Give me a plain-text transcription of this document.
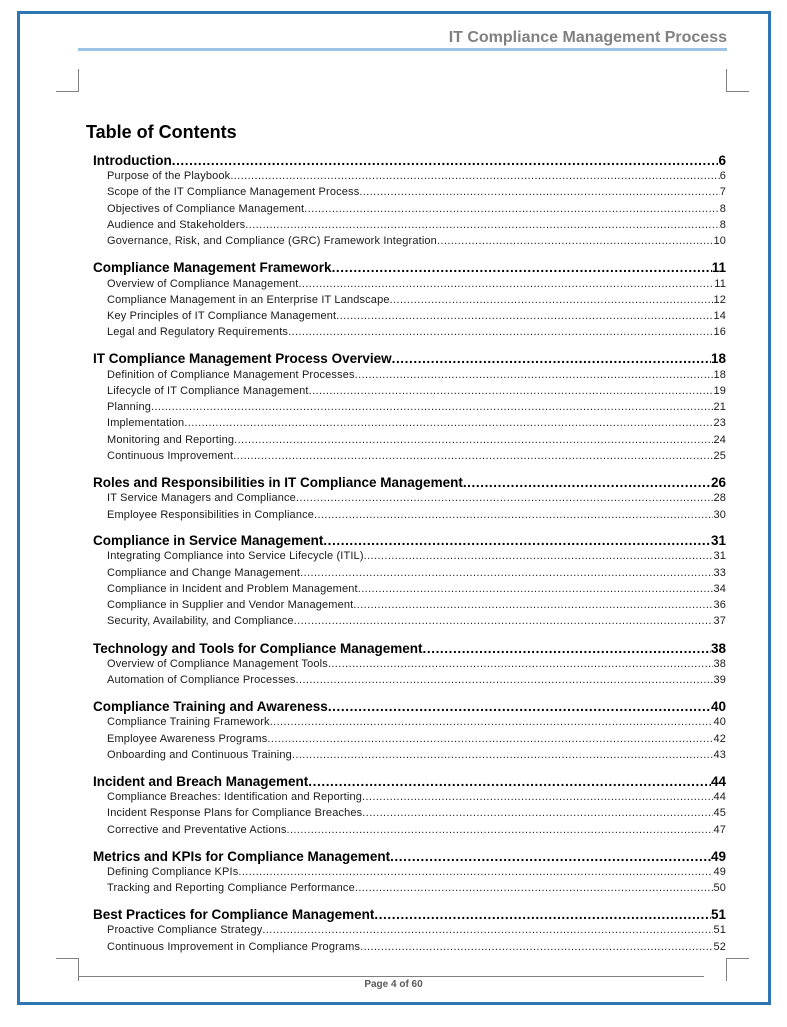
IT Compliance Management Process
Table of Contents
Introduction .....	6
Purpose of the Playbook .....	6
Scope of the IT Compliance Management Process .....	7
Objectives of Compliance Management .....	8
Audience and Stakeholders .....	8
Governance, Risk, and Compliance (GRC) Framework Integration .....	10
Compliance Management Framework .....	11
Overview of Compliance Management .....	11
Compliance Management in an Enterprise IT Landscape .....	12
Key Principles of IT Compliance Management .....	14
Legal and Regulatory Requirements .....	16
IT Compliance Management Process Overview .....	18
Definition of Compliance Management Processes .....	18
Lifecycle of IT Compliance Management .....	19
Planning .....	21
Implementation .....	23
Monitoring and Reporting .....	24
Continuous Improvement .....	25
Roles and Responsibilities in IT Compliance Management .....	26
IT Service Managers and Compliance .....	28
Employee Responsibilities in Compliance .....	30
Compliance in Service Management .....	31
Integrating Compliance into Service Lifecycle (ITIL) .....	31
Compliance and Change Management .....	33
Compliance in Incident and Problem Management .....	34
Compliance in Supplier and Vendor Management .....	36
Security, Availability, and Compliance .....	37
Technology and Tools for Compliance Management .....	38
Overview of Compliance Management Tools .....	38
Automation of Compliance Processes .....	39
Compliance Training and Awareness .....	40
Compliance Training Framework .....	40
Employee Awareness Programs .....	42
Onboarding and Continuous Training .....	43
Incident and Breach Management .....	44
Compliance Breaches: Identification and Reporting .....	44
Incident Response Plans for Compliance Breaches .....	45
Corrective and Preventative Actions .....	47
Metrics and KPIs for Compliance Management .....	49
Defining Compliance KPIs .....	49
Tracking and Reporting Compliance Performance .....	50
Best Practices for Compliance Management .....	51
Proactive Compliance Strategy .....	51
Continuous Improvement in Compliance Programs .....	52
Page 4 of 60
